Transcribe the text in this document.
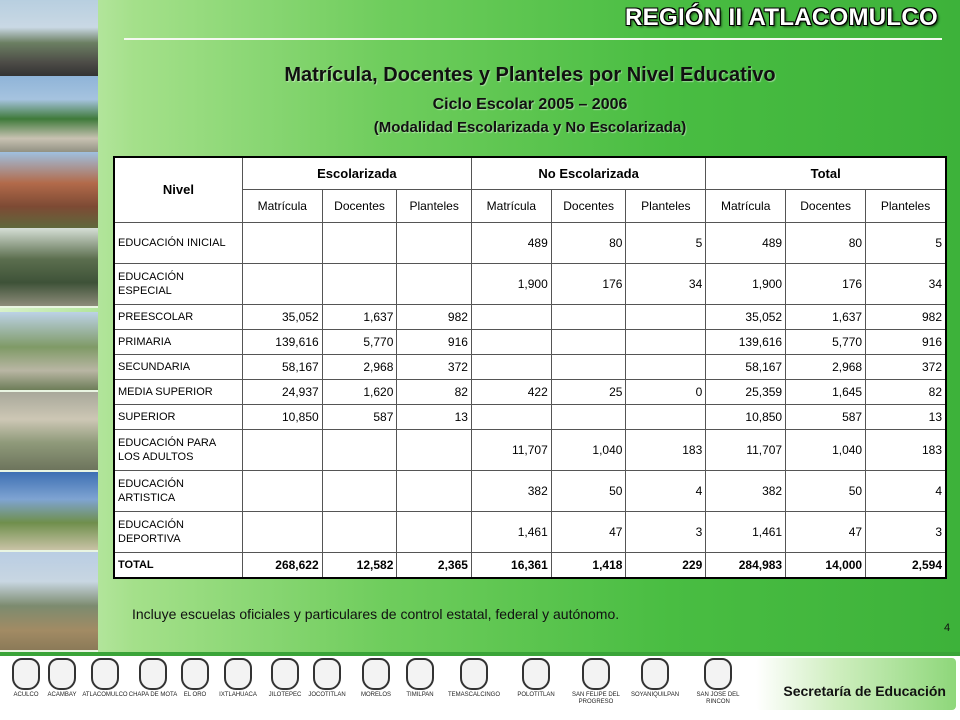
REGIÓN II ATLACOMULCO
Matrícula, Docentes y Planteles por Nivel Educativo
Ciclo Escolar 2005 – 2006
(Modalidad Escolarizada y No Escolarizada)
Nivel	Escolarizada			No Escolarizada			Total		
	Matrícula	Docentes	Planteles	Matrícula	Docentes	Planteles	Matrícula	Docentes	Planteles
EDUCACIÓN INICIAL				489	80	5	489	80	5
EDUCACIÓN ESPECIAL				1,900	176	34	1,900	176	34
PREESCOLAR	35,052	1,637	982				35,052	1,637	982
PRIMARIA	139,616	5,770	916				139,616	5,770	916
SECUNDARIA	58,167	2,968	372				58,167	2,968	372
MEDIA SUPERIOR	24,937	1,620	82	422	25	0	25,359	1,645	82
SUPERIOR	10,850	587	13				10,850	587	13
EDUCACIÓN PARA LOS ADULTOS				11,707	1,040	183	11,707	1,040	183
EDUCACIÓN ARTISTICA				382	50	4	382	50	4
EDUCACIÓN DEPORTIVA				1,461	47	3	1,461	47	3
TOTAL	268,622	12,582	2,365	16,361	1,418	229	284,983	14,000	2,594

Incluye escuelas oficiales y particulares de control estatal, federal y autónomo.

4
ACULCO	ACAMBAY ATLACOMULCO CHAPA DE MOTA	EL ORO	IXTLAHUACA	JILOTEPEC	JOCOTITLAN	MORELOS	TIMILPAN	TEMASCALCINGO	POLOTITLAN	SAN FELIPE DEL PROGRESO
SOYANIQUILPAN	SAN JOSE DEL RINCON
Secretaría de Educación
